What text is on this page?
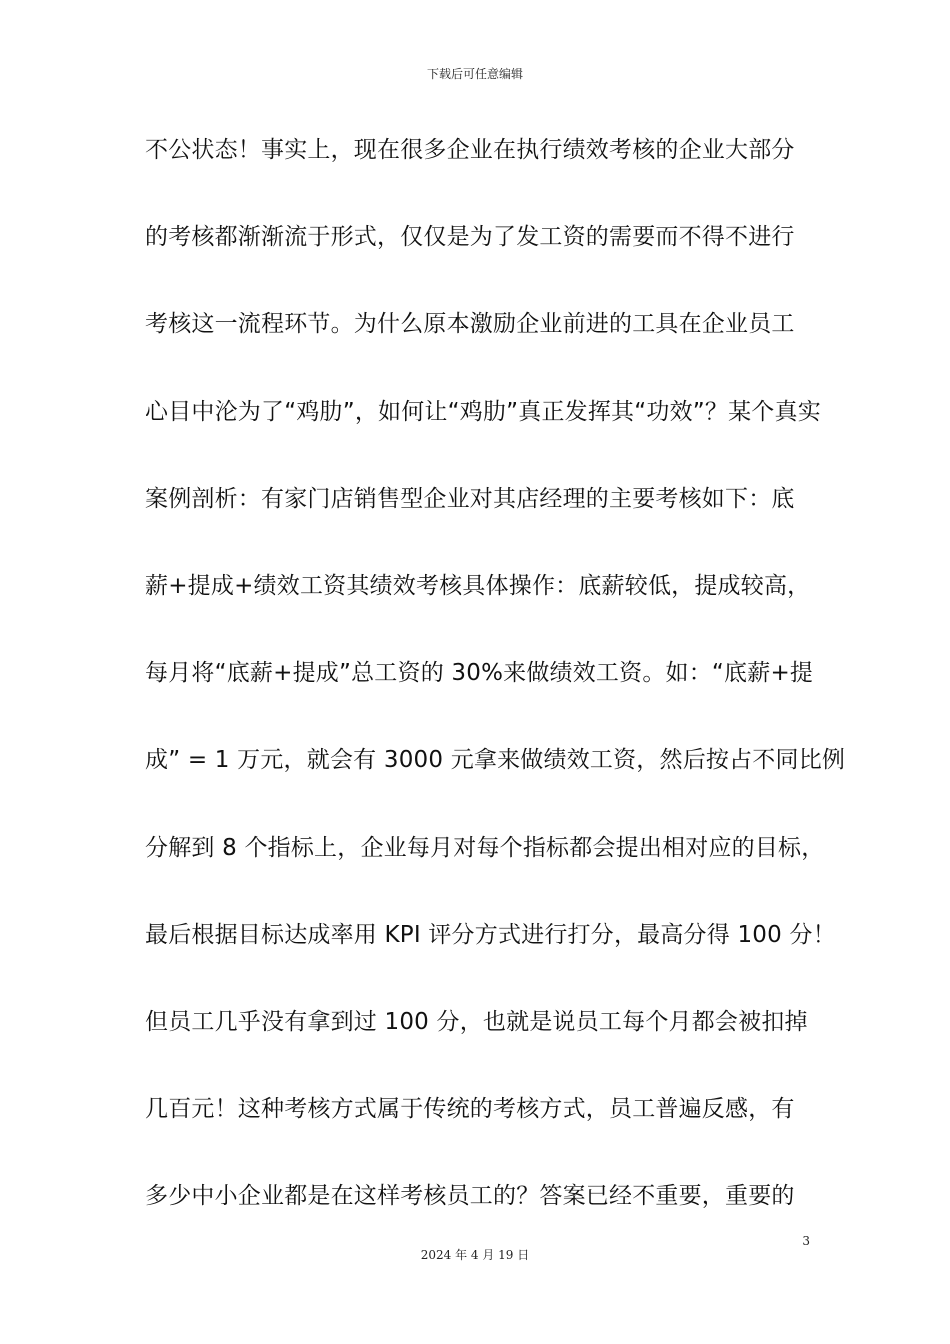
下载后可任意编辑
不公状态！事实上，现在很多企业在执行绩效考核的企业大部分
的考核都渐渐流于形式，仅仅是为了发工资的需要而不得不进行
考核这一流程环节。为什么原本激励企业前进的工具在企业员工
心目中沦为了“鸡肋”，如何让“鸡肋”真正发挥其“功效”？某个真实
案例剖析：有家门店销售型企业对其店经理的主要考核如下：底
薪+提成+绩效工资其绩效考核具体操作：底薪较低，提成较高，
每月将“底薪+提成”总工资的 30%来做绩效工资。如：“底薪+提
成” = 1 万元，就会有 3000 元拿来做绩效工资，然后按占不同比例
分解到 8 个指标上，企业每月对每个指标都会提出相对应的目标，
最后根据目标达成率用 KPI 评分方式进行打分，最高分得 100 分！
但员工几乎没有拿到过 100 分，也就是说员工每个月都会被扣掉
几百元！这种考核方式属于传统的考核方式，员工普遍反感，有
多少中小企业都是在这样考核员工的？答案已经不重要，重要的
3
2024 年 4 月 19 日
